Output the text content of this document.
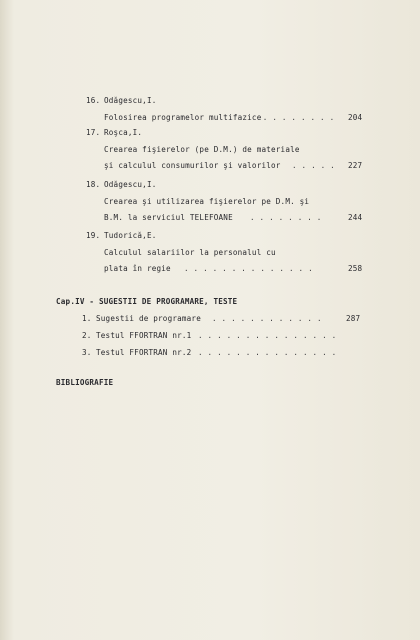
16. Odăgescu,I.
Folosirea programelor multifazice
. . . . . . . . 204
17. Roşca,I.
Crearea fişierelor (pe D.M.) de materiale
şi calculul consumurilor şi valorilor . . . . . 227
18. Odăgescu,I.
Crearea şi utilizarea fişierelor pe D.M. şi
B.M. la serviciul TELEFOANE . . . . . . . .	244
19. Tudorică,E.
Calculul salariilor la personalul cu
plata în regie . . . . . . . . . . . . . .	258
Cap.IV - SUGESTII DE PROGRAMARE, TESTE
1. Sugestii de programare . . . . . . . . . . . .	287
2. Testul FFORTRAN nr.1 . . . . . . . . . . . . . . .
3. Testul FFORTRAN nr.2 . . . . . . . . . . . . . . .
BIBLIOGRAFIE
